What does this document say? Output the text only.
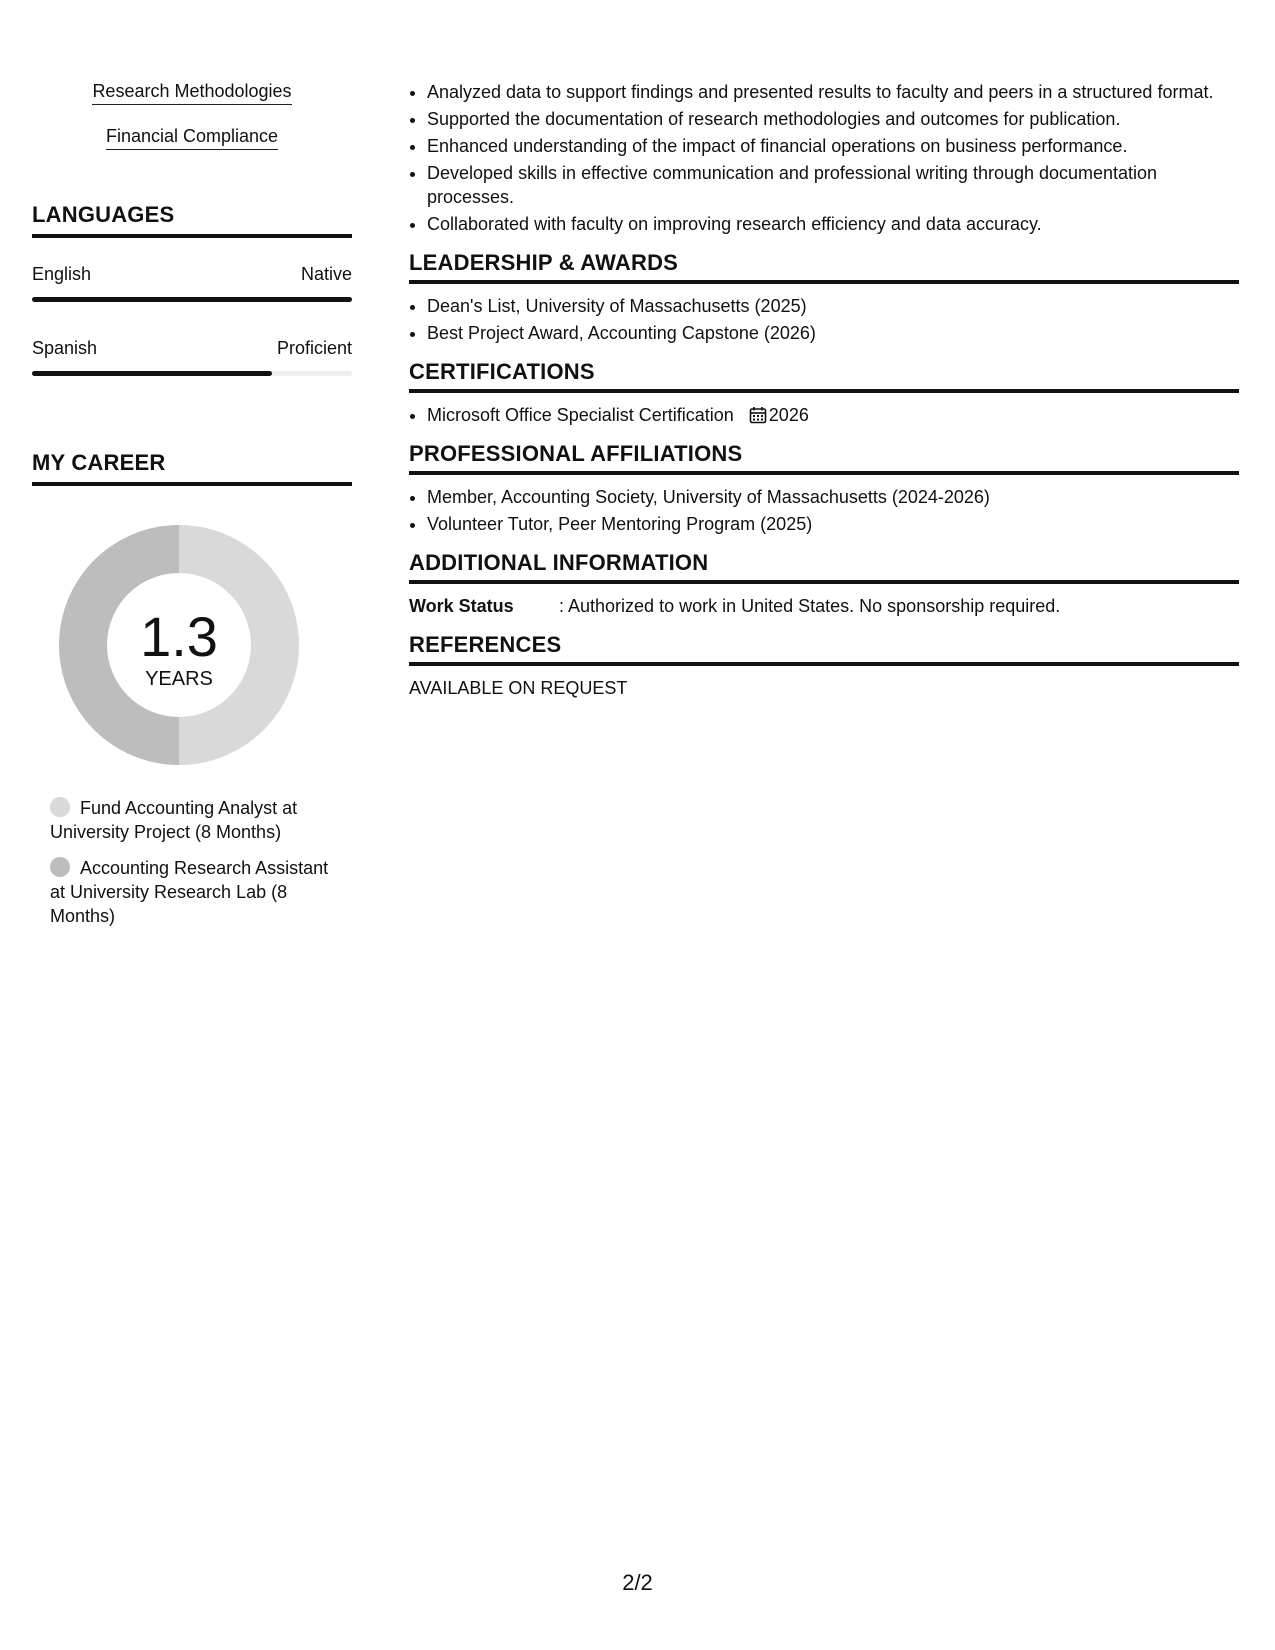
Research Methodologies
Financial Compliance
LANGUAGES
English	Native
Spanish	Proficient
MY CAREER
1.3
YEARS
Fund Accounting Analyst at University Project (8 Months)
Accounting Research Assistant at University Research Lab (8 Months)
• Analyzed data to support findings and presented results to faculty and peers in a structured format.
• Supported the documentation of research methodologies and outcomes for publication.
• Enhanced understanding of the impact of financial operations on business performance.
• Developed skills in effective communication and professional writing through documentation processes.
• Collaborated with faculty on improving research efficiency and data accuracy.
LEADERSHIP & AWARDS
• Dean's List, University of Massachusetts (2025)
• Best Project Award, Accounting Capstone (2026)
CERTIFICATIONS
• Microsoft Office Specialist Certification 2026
PROFESSIONAL AFFILIATIONS
• Member, Accounting Society, University of Massachusetts (2024-2026)
• Volunteer Tutor, Peer Mentoring Program (2025)
ADDITIONAL INFORMATION
Work Status	: Authorized to work in United States. No sponsorship required.
REFERENCES
AVAILABLE ON REQUEST
2/2
